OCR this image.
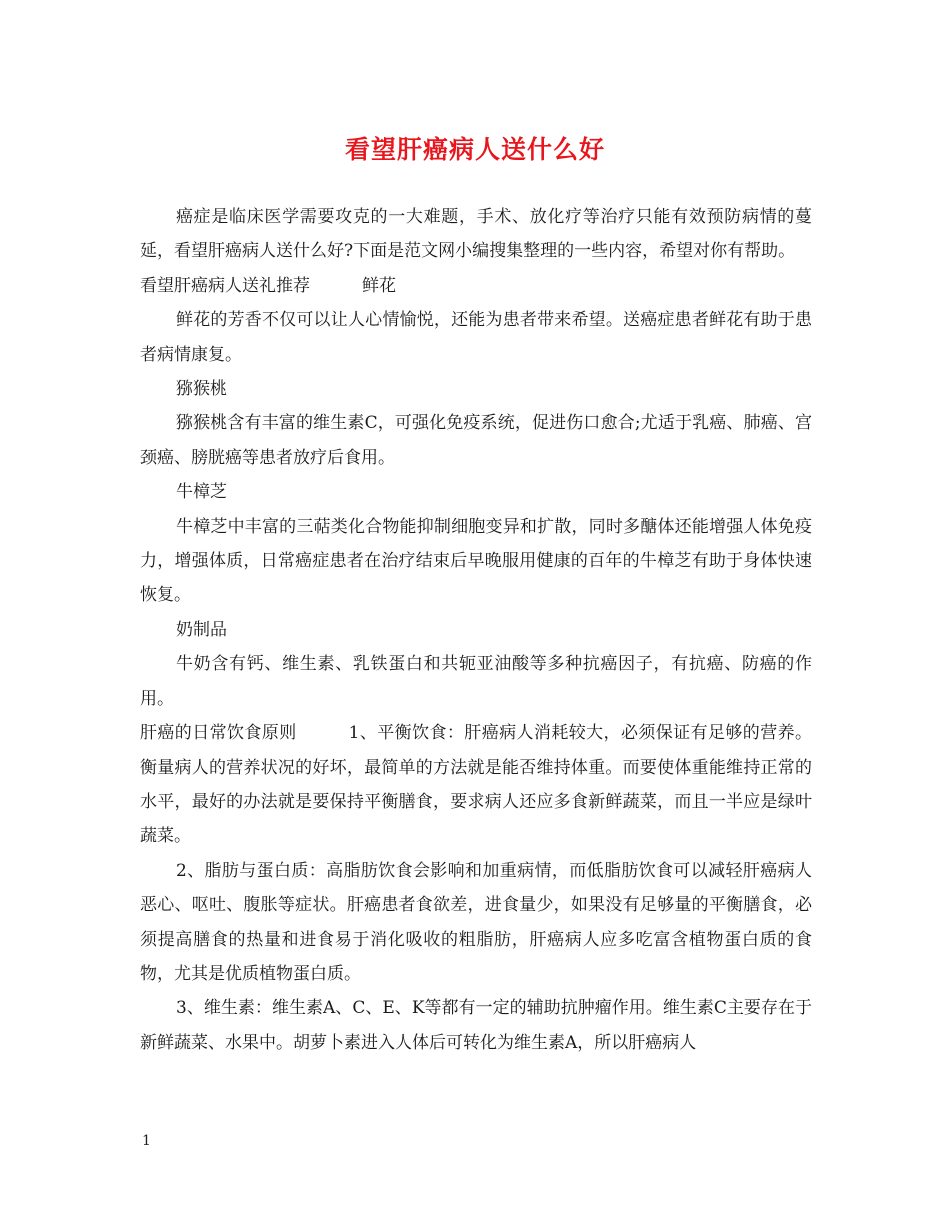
看望肝癌病人送什么好

癌症是临床医学需要攻克的一大难题，手术、放化疗等治疗只能有效预防病情的蔓延，看望肝癌病人送什么好?下面是范文网小编搜集整理的一些内容，希望对你有帮助。

看望肝癌病人送礼推荐	鲜花

鲜花的芳香不仅可以让人心情愉悦，还能为患者带来希望。送癌症患者鲜花有助于患者病情康复。

猕猴桃

猕猴桃含有丰富的维生素C，可强化免疫系统，促进伤口愈合;尤适于乳癌、肺癌、宫颈癌、膀胱癌等患者放疗后食用。

牛樟芝

牛樟芝中丰富的三萜类化合物能抑制细胞变异和扩散，同时多醣体还能增强人体免疫力，增强体质，日常癌症患者在治疗结束后早晚服用健康的百年的牛樟芝有助于身体快速恢复。

奶制品

牛奶含有钙、维生素、乳铁蛋白和共轭亚油酸等多种抗癌因子，有抗癌、防癌的作用。

肝癌的日常饮食原则	1、平衡饮食：肝癌病人消耗较大，必须保证有足够的营养。衡量病人的营养状况的好坏，最简单的方法就是能否维持体重。而要使体重能维持正常的水平，最好的办法就是要保持平衡膳食，要求病人还应多食新鲜蔬菜，而且一半应是绿叶蔬菜。

2、脂肪与蛋白质：高脂肪饮食会影响和加重病情，而低脂肪饮食可以减轻肝癌病人恶心、呕吐、腹胀等症状。肝癌患者食欲差，进食量少，如果没有足够量的平衡膳食，必须提高膳食的热量和进食易于消化吸收的粗脂肪，肝癌病人应多吃富含植物蛋白质的食物，尤其是优质植物蛋白质。

3、维生素：维生素A、C、E、K等都有一定的辅助抗肿瘤作用。维生素C主要存在于新鲜蔬菜、水果中。胡萝卜素进入人体后可转化为维生素A，所以肝癌病人

1
